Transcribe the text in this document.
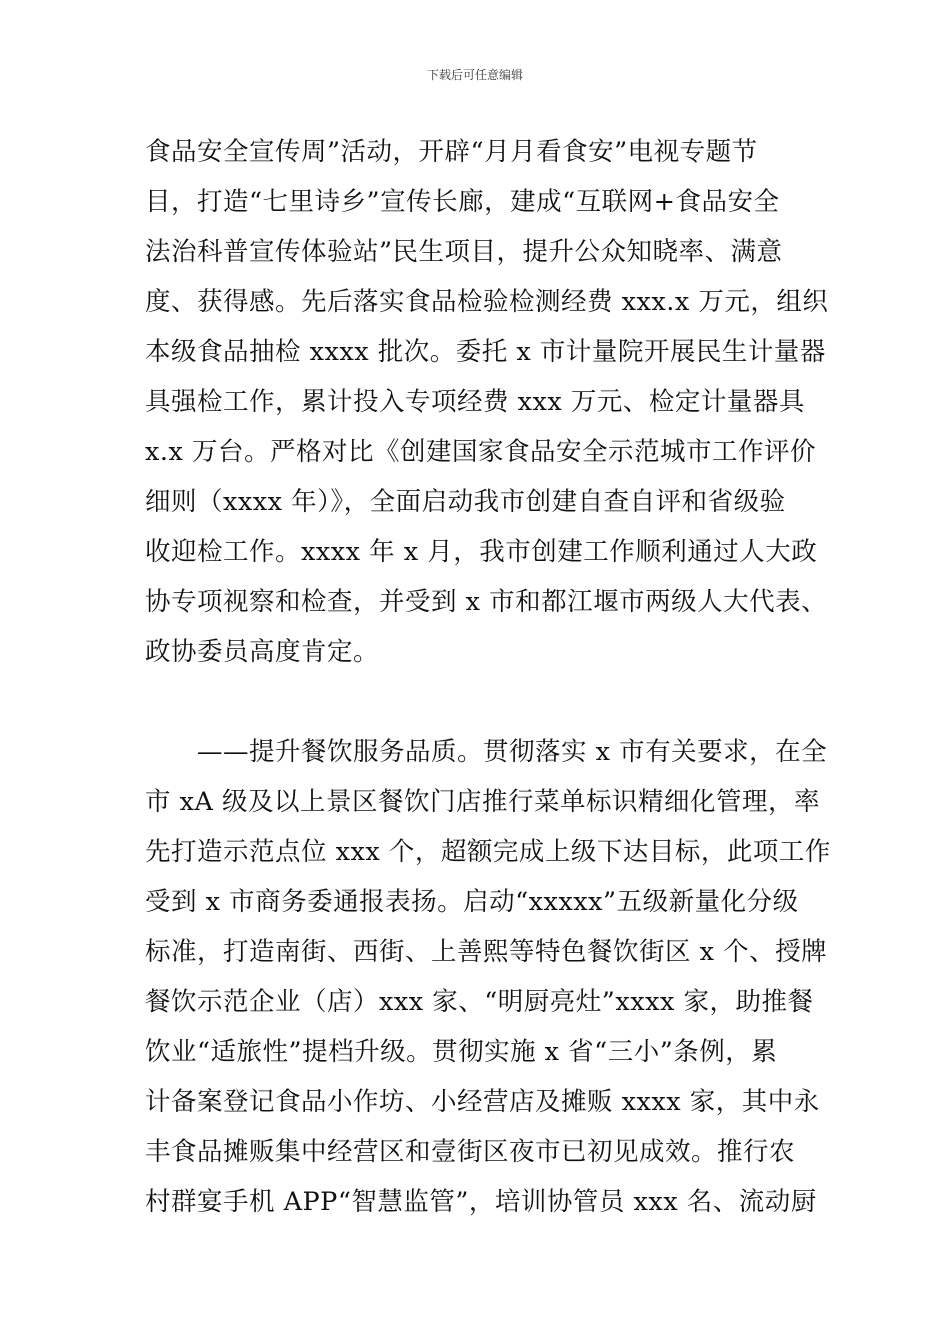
下载后可任意编辑
食品安全宣传周”活动，开辟“月月看食安”电视专题节
目，打造“七里诗乡”宣传长廊，建成“互联网+食品安全
法治科普宣传体验站”民生项目，提升公众知晓率、满意
度、获得感。先后落实食品检验检测经费 xxx.x 万元，组织
本级食品抽检 xxxx 批次。委托 x 市计量院开展民生计量器
具强检工作，累计投入专项经费 xxx 万元、检定计量器具
x.x 万台。严格对比《创建国家食品安全示范城市工作评价
细则（xxxx 年）》，全面启动我市创建自查自评和省级验
收迎检工作。xxxx 年 x 月，我市创建工作顺利通过人大政
协专项视察和检查，并受到 x 市和都江堰市两级人大代表、
政协委员高度肯定。
　　——提升餐饮服务品质。贯彻落实 x 市有关要求，在全
市 xA 级及以上景区餐饮门店推行菜单标识精细化管理，率
先打造示范点位 xxx 个，超额完成上级下达目标，此项工作
受到 x 市商务委通报表扬。启动“xxxxx”五级新量化分级
标准，打造南街、西街、上善熙等特色餐饮街区 x 个、授牌
餐饮示范企业（店）xxx 家、“明厨亮灶”xxxx 家，助推餐
饮业“适旅性”提档升级。贯彻实施 x 省“三小”条例，累
计备案登记食品小作坊、小经营店及摊贩 xxxx 家，其中永
丰食品摊贩集中经营区和壹街区夜市已初见成效。推行农
村群宴手机 APP“智慧监管”，培训协管员 xxx 名、流动厨
